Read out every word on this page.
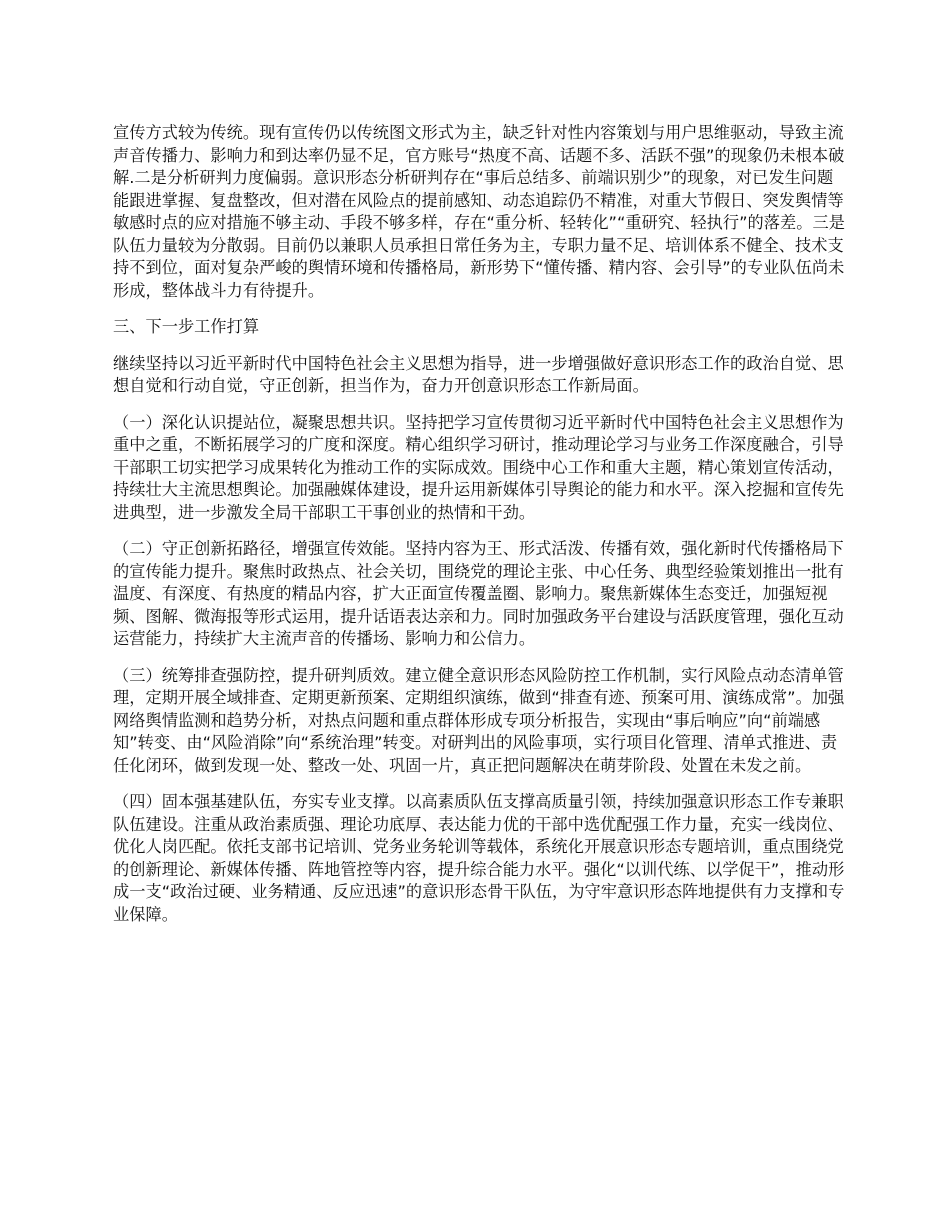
宣传方式较为传统。现有宣传仍以传统图文形式为主，缺乏针对性内容策划与用户思维驱动，导致主流声音传播力、影响力和到达率仍显不足，官方账号“热度不高、话题不多、活跃不强”的现象仍未根本破解.二是分析研判力度偏弱。意识形态分析研判存在“事后总结多、前端识别少”的现象，对已发生问题能跟进掌握、复盘整改，但对潜在风险点的提前感知、动态追踪仍不精准，对重大节假日、突发舆情等敏感时点的应对措施不够主动、手段不够多样，存在“重分析、轻转化”“重研究、轻执行”的落差。三是队伍力量较为分散弱。目前仍以兼职人员承担日常任务为主，专职力量不足、培训体系不健全、技术支持不到位，面对复杂严峻的舆情环境和传播格局，新形势下“懂传播、精内容、会引导”的专业队伍尚未形成，整体战斗力有待提升。

三、下一步工作打算

继续坚持以习近平新时代中国特色社会主义思想为指导，进一步增强做好意识形态工作的政治自觉、思想自觉和行动自觉，守正创新，担当作为，奋力开创意识形态工作新局面。

（一）深化认识提站位，凝聚思想共识。坚持把学习宣传贯彻习近平新时代中国特色社会主义思想作为重中之重，不断拓展学习的广度和深度。精心组织学习研讨，推动理论学习与业务工作深度融合，引导干部职工切实把学习成果转化为推动工作的实际成效。围绕中心工作和重大主题，精心策划宣传活动，持续壮大主流思想舆论。加强融媒体建设，提升运用新媒体引导舆论的能力和水平。深入挖掘和宣传先进典型，进一步激发全局干部职工干事创业的热情和干劲。

（二）守正创新拓路径，增强宣传效能。坚持内容为王、形式活泼、传播有效，强化新时代传播格局下的宣传能力提升。聚焦时政热点、社会关切，围绕党的理论主张、中心任务、典型经验策划推出一批有温度、有深度、有热度的精品内容，扩大正面宣传覆盖圈、影响力。聚焦新媒体生态变迁，加强短视频、图解、微海报等形式运用，提升话语表达亲和力。同时加强政务平台建设与活跃度管理，强化互动运营能力，持续扩大主流声音的传播场、影响力和公信力。

（三）统筹排查强防控，提升研判质效。建立健全意识形态风险防控工作机制，实行风险点动态清单管理，定期开展全域排查、定期更新预案、定期组织演练，做到“排查有迹、预案可用、演练成常”。加强网络舆情监测和趋势分析，对热点问题和重点群体形成专项分析报告，实现由“事后响应”向“前端感知”转变、由“风险消除”向“系统治理”转变。对研判出的风险事项，实行项目化管理、清单式推进、责任化闭环，做到发现一处、整改一处、巩固一片，真正把问题解决在萌芽阶段、处置在未发之前。

（四）固本强基建队伍，夯实专业支撑。以高素质队伍支撑高质量引领，持续加强意识形态工作专兼职队伍建设。注重从政治素质强、理论功底厚、表达能力优的干部中选优配强工作力量，充实一线岗位、优化人岗匹配。依托支部书记培训、党务业务轮训等载体，系统化开展意识形态专题培训，重点围绕党的创新理论、新媒体传播、阵地管控等内容，提升综合能力水平。强化“以训代练、以学促干”，推动形成一支“政治过硬、业务精通、反应迅速”的意识形态骨干队伍，为守牢意识形态阵地提供有力支撑和专业保障。
